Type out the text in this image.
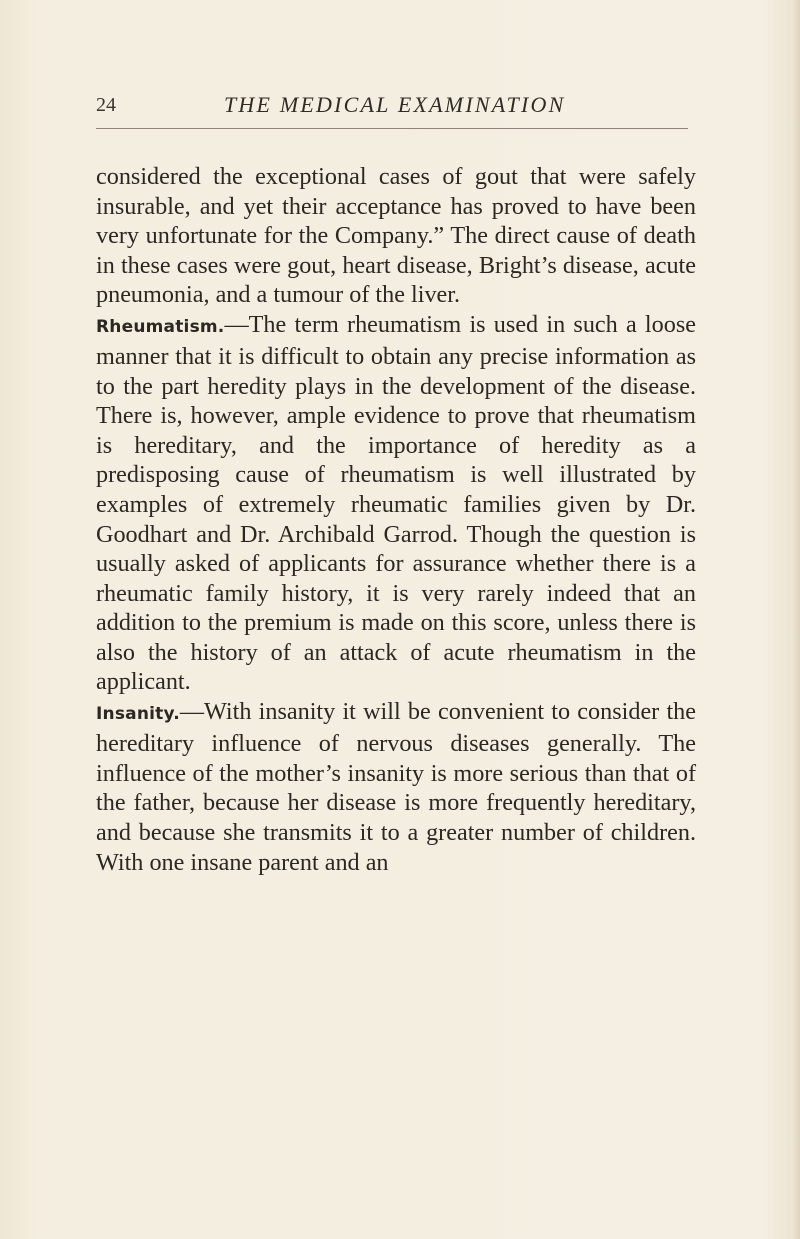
24	THE MEDICAL EXAMINATION

considered the exceptional cases of gout that were safely insurable, and yet their acceptance has proved to have been very unfortunate for the Company.” The direct cause of death in these cases were gout, heart disease, Bright’s disease, acute pneumonia, and a tumour of the liver.

Rheumatism.—The term rheumatism is used in such a loose manner that it is difficult to obtain any precise information as to the part heredity plays in the development of the disease. There is, however, ample evidence to prove that rheumatism is hereditary, and the importance of heredity as a predisposing cause of rheumatism is well illustrated by examples of extremely rheumatic families given by Dr. Goodhart and Dr. Archibald Garrod. Though the question is usually asked of applicants for assurance whether there is a rheumatic family history, it is very rarely indeed that an addition to the premium is made on this score, unless there is also the history of an attack of acute rheumatism in the applicant.

Insanity.—With insanity it will be convenient to consider the hereditary influence of nervous diseases generally. The influence of the mother’s insanity is more serious than that of the father, because her disease is more frequently hereditary, and because she transmits it to a greater number of children. With one insane parent and an
